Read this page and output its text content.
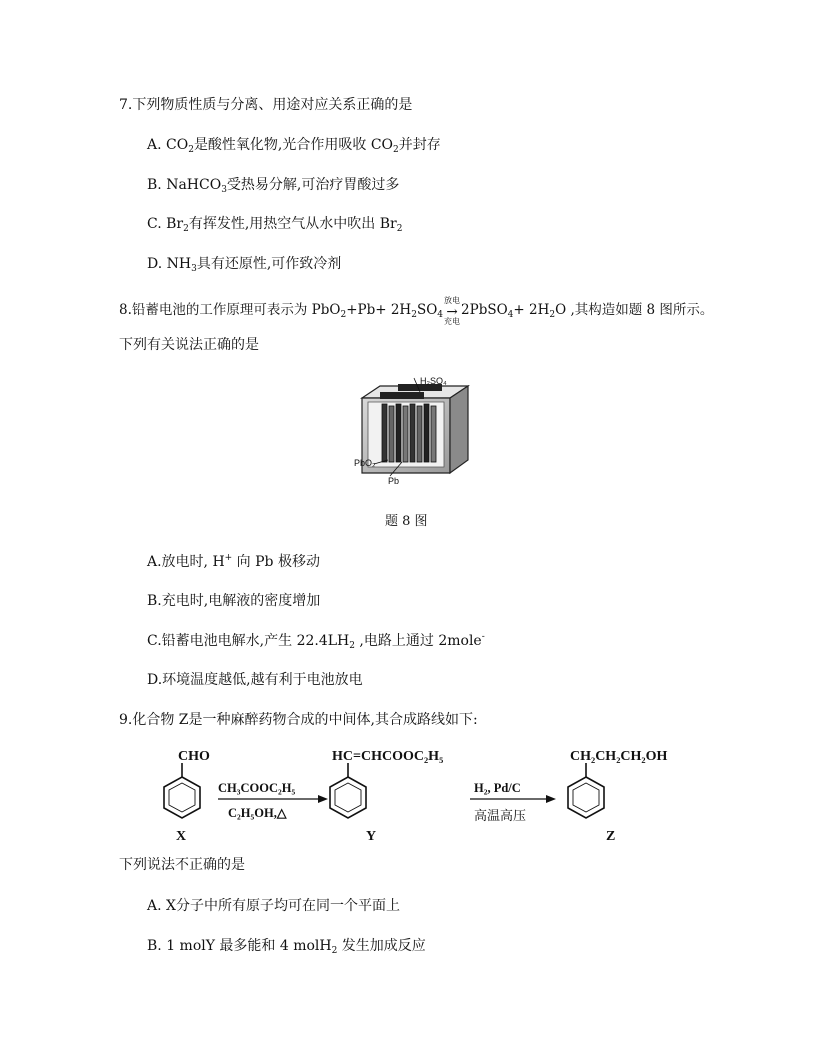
7.下列物质性质与分离、用途对应关系正确的是
A. $CO_2$是酸性氧化物,光合作用吸收 $CO_2$并封存
B. NaHCO$_3$受热易分解,可治疗胃酸过多
C. $Br_2$有挥发性,用热空气从水中吹出 $Br_2$
D. $NH_3$具有还原性,可作致冷剂
8.铅蓄电池的工作原理可表示为 $PbO_2+Pb+ 2H_2SO_4$
放电
→
充电
2PbSO$_4$+ $2H_2O$ ,其构造如题 8 图所示。
下列有关说法正确的是
H₂SO₄
PbO₂
Pb
题 8 图
A.放电时, H+ 向 Pb 极移动
B.充电时,电解液的密度增加
C.铅蓄电池电解水,产生 $22.4LH_2$ ,电路上通过 2mole-
D.环境温度越低,越有利于电池放电
9.化合物 Z是一种麻醉药物合成的中间体,其合成路线如下:
CHO
CH₃COOC₂H₅
C₂H₅OH,△
HC=CHCOOC₂H₅
H₂, Pd/C
高温高压
CH₂CH₂CH₂OH
X	Y	Z
下列说法不正确的是
A. X分子中所有原子均可在同一个平面上
B. 1 molY 最多能和 4 molH$_2$ 发生加成反应
